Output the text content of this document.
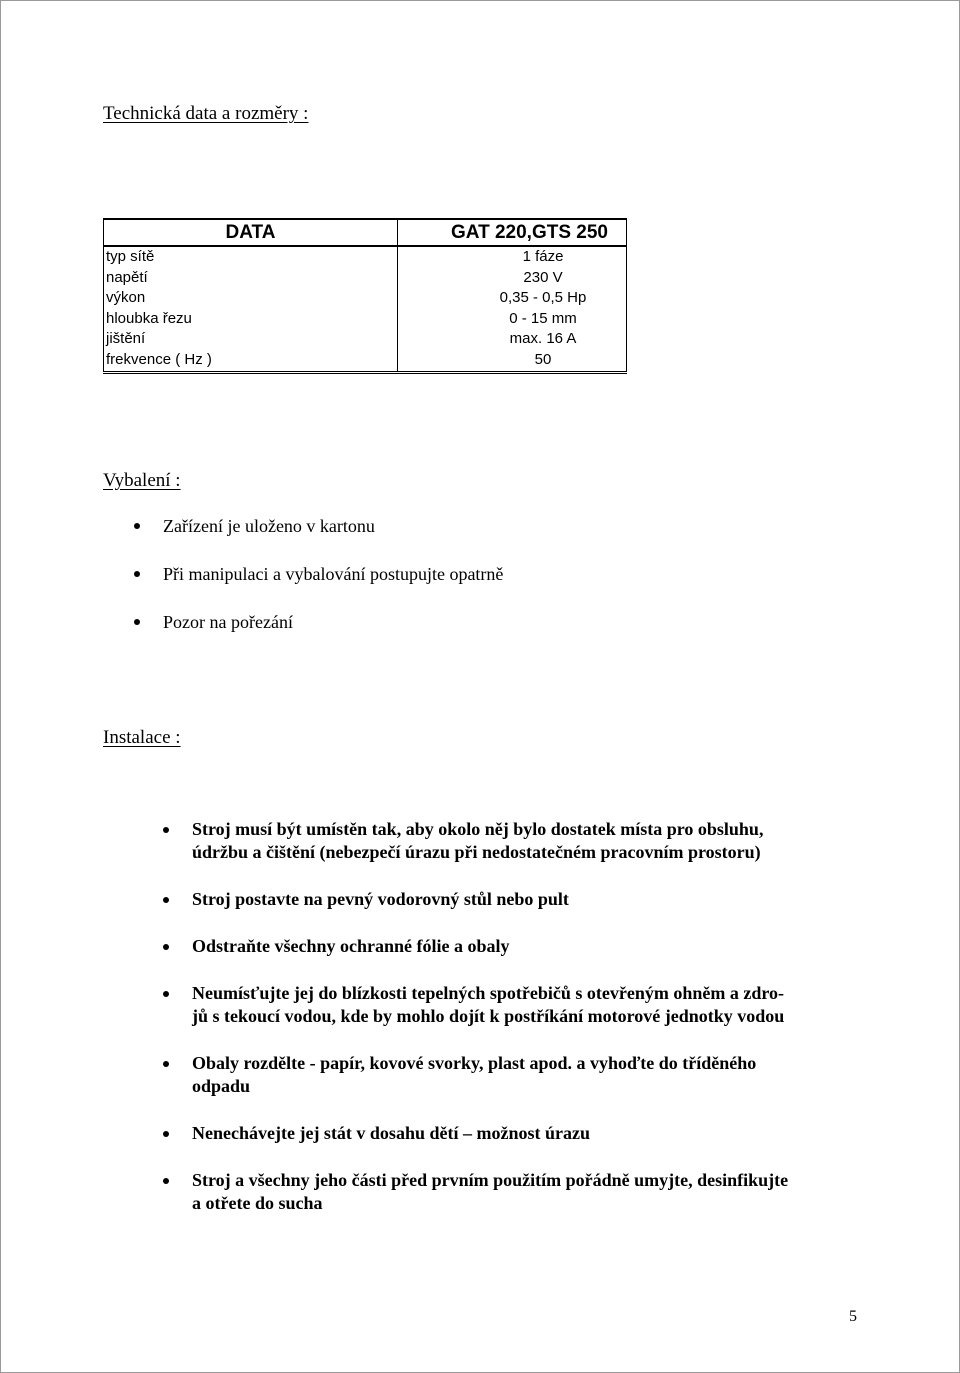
Technická data a rozměry :
DATA	GAT 220,GTS 250
typ sítě	1 fáze
napětí	230 V
výkon	0,35 - 0,5 Hp
hloubka řezu	0 - 15 mm
jištění	max. 16 A
frekvence ( Hz )	50
Vybalení :
Zařízení je uloženo v kartonu
Při manipulaci a vybalování postupujte opatrně
Pozor na pořezání
Instalace :
Stroj musí být umístěn tak, aby okolo něj bylo dostatek místa pro obsluhu,
údržbu a čištění (nebezpečí úrazu při nedostatečném pracovním prostoru)
Stroj postavte na pevný vodorovný stůl nebo pult
Odstraňte všechny ochranné fólie a obaly
Neumísťujte jej do blízkosti tepelných spotřebičů s otevřeným ohněm a zdro-
jů s tekoucí vodou, kde by mohlo dojít k postříkání motorové jednotky vodou
Obaly rozdělte - papír, kovové svorky, plast apod. a vyhoďte do tříděného
odpadu
Nenechávejte jej stát v dosahu dětí – možnost úrazu
Stroj a všechny jeho části před prvním použitím pořádně umyjte, desinfikujte
a otřete do sucha
5
